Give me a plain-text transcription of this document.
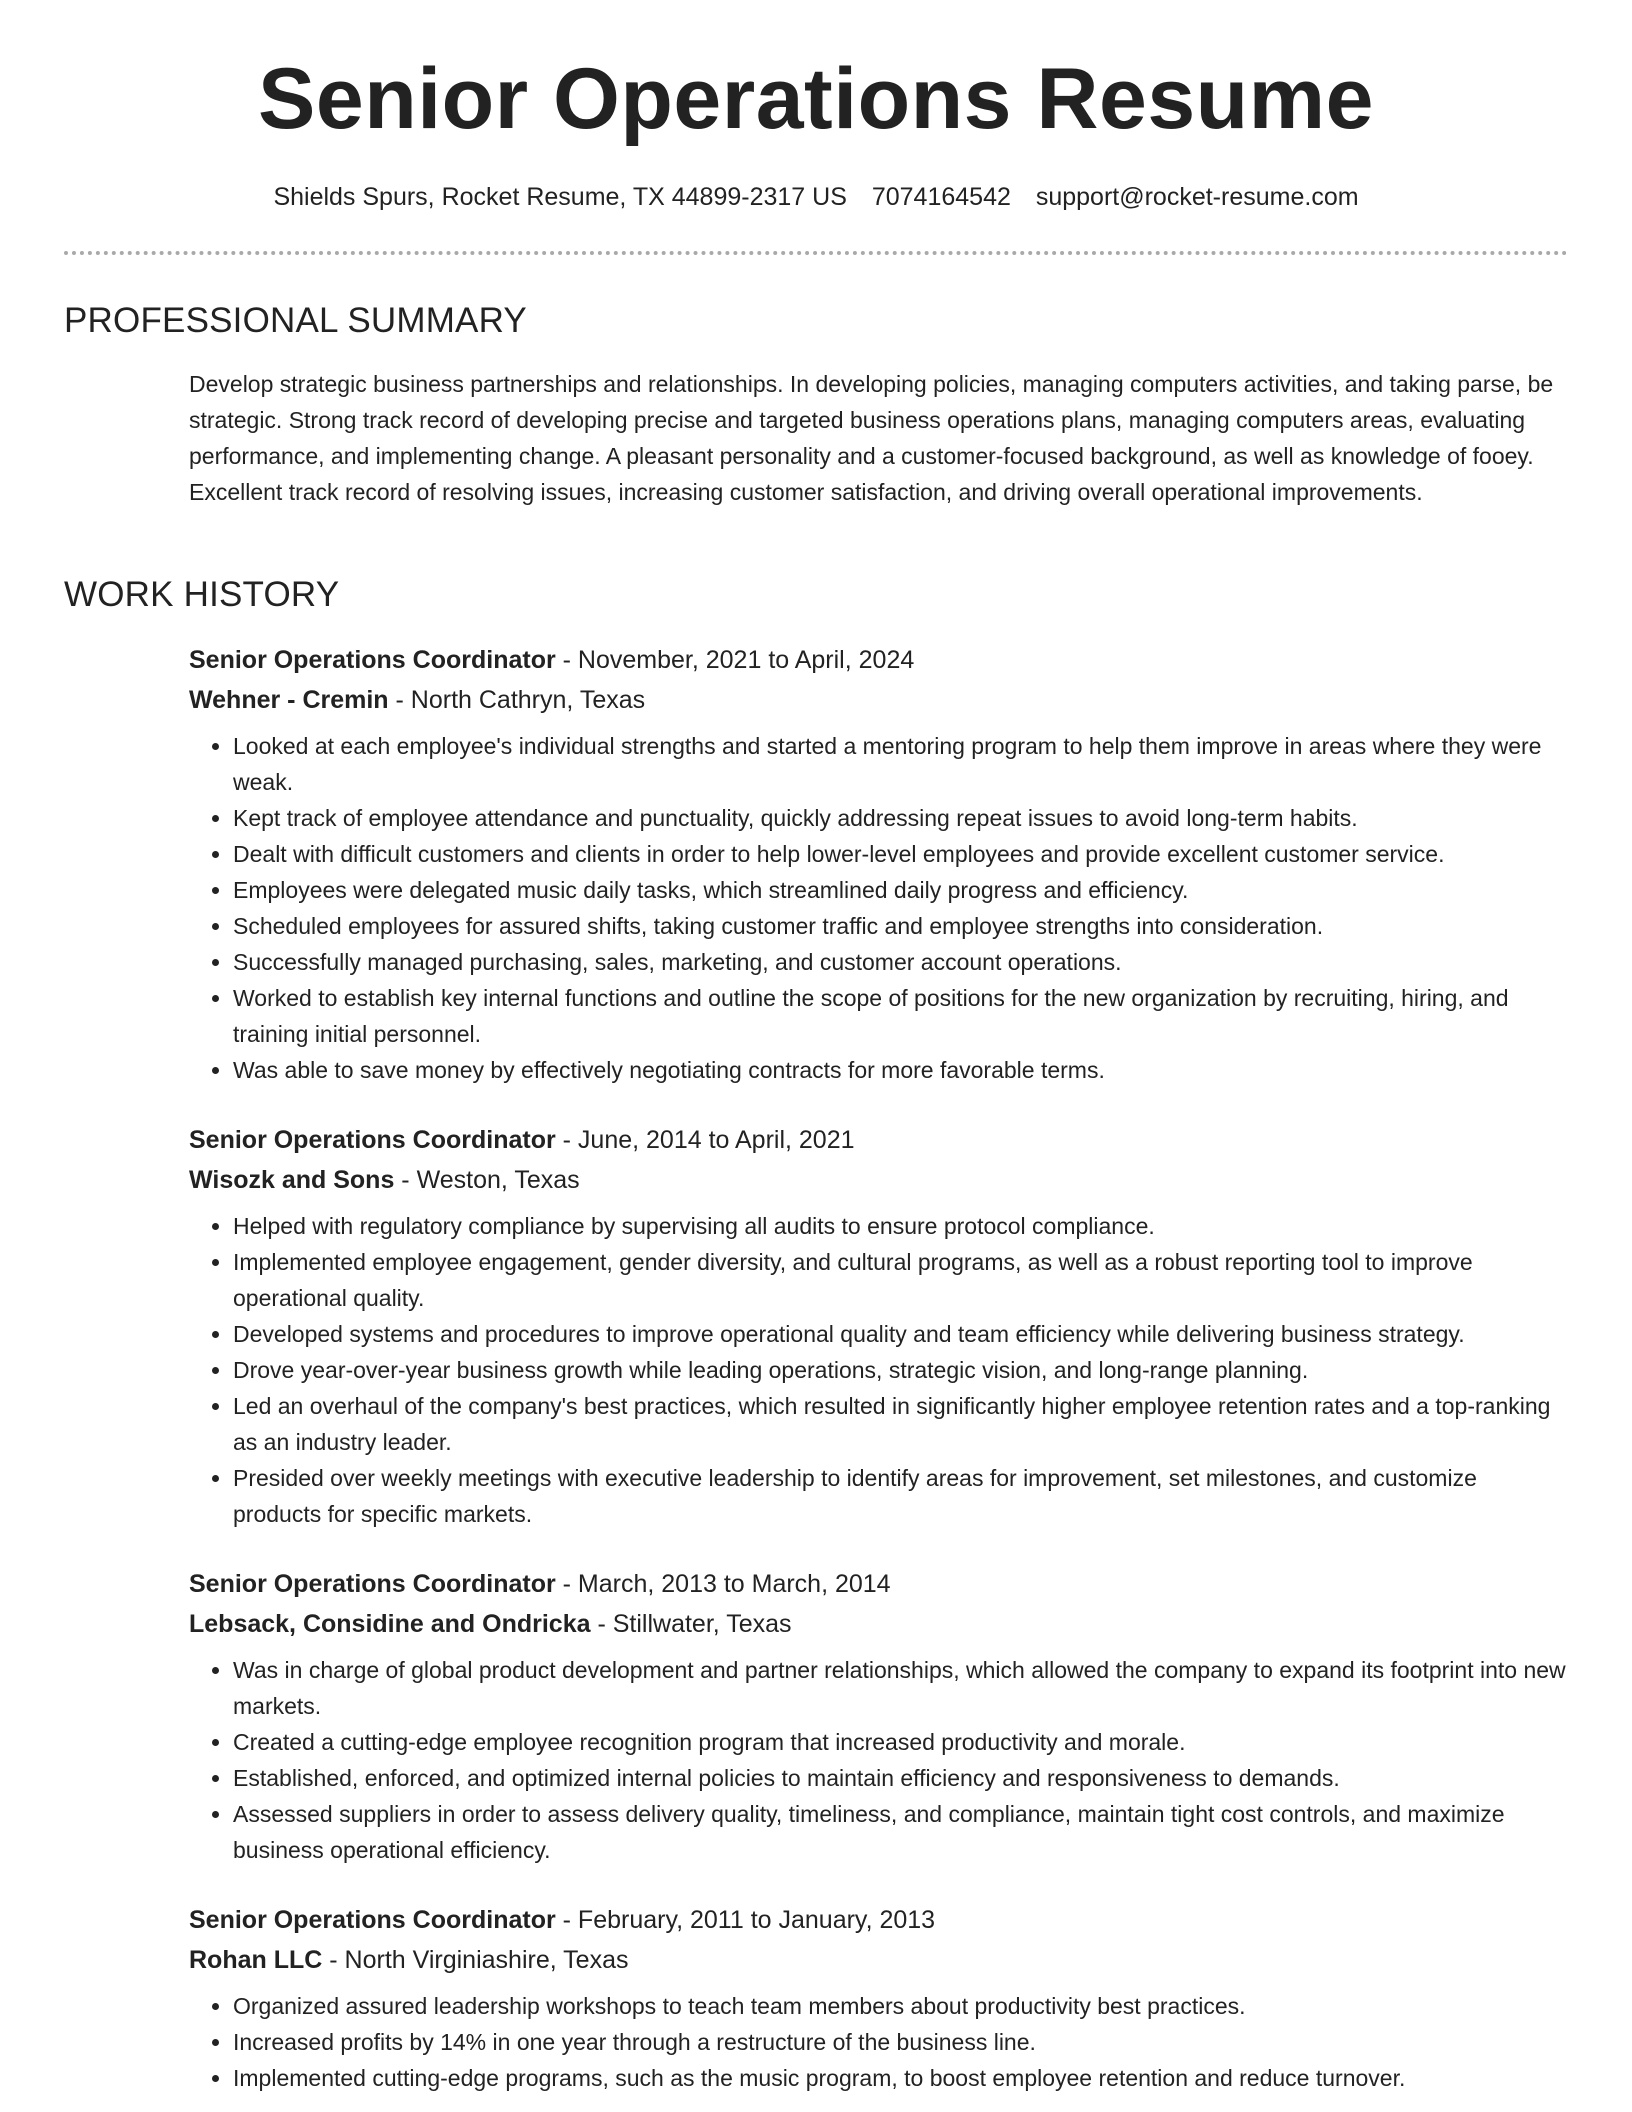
Senior Operations Resume
Shields Spurs, Rocket Resume, TX 44899-2317 US 7074164542 support@rocket-resume.com
PROFESSIONAL SUMMARY

Develop strategic business partnerships and relationships. In developing policies, managing computers activities, and taking parse, be strategic. Strong track record of developing precise and targeted business operations plans, managing computers areas, evaluating performance, and implementing change. A pleasant personality and a customer-focused background, as well as knowledge of fooey. Excellent track record of resolving issues, increasing customer satisfaction, and driving overall operational improvements.

WORK HISTORY
Senior Operations Coordinator - November, 2021 to April, 2024
Wehner - Cremin - North Cathryn, Texas
• Looked at each employee's individual strengths and started a mentoring program to help them improve in areas where they were weak.
• Kept track of employee attendance and punctuality, quickly addressing repeat issues to avoid long-term habits.
• Dealt with difficult customers and clients in order to help lower-level employees and provide excellent customer service.
• Employees were delegated music daily tasks, which streamlined daily progress and efficiency.
• Scheduled employees for assured shifts, taking customer traffic and employee strengths into consideration.
• Successfully managed purchasing, sales, marketing, and customer account operations.
• Worked to establish key internal functions and outline the scope of positions for the new organization by recruiting, hiring, and training initial personnel.
• Was able to save money by effectively negotiating contracts for more favorable terms.
Senior Operations Coordinator - June, 2014 to April, 2021
Wisozk and Sons - Weston, Texas
• Helped with regulatory compliance by supervising all audits to ensure protocol compliance.
• Implemented employee engagement, gender diversity, and cultural programs, as well as a robust reporting tool to improve operational quality.
• Developed systems and procedures to improve operational quality and team efficiency while delivering business strategy.
• Drove year-over-year business growth while leading operations, strategic vision, and long-range planning.
• Led an overhaul of the company's best practices, which resulted in significantly higher employee retention rates and a top-ranking as an industry leader.
• Presided over weekly meetings with executive leadership to identify areas for improvement, set milestones, and customize products for specific markets.
Senior Operations Coordinator - March, 2013 to March, 2014
Lebsack, Considine and Ondricka - Stillwater, Texas
• Was in charge of global product development and partner relationships, which allowed the company to expand its footprint into new markets.
• Created a cutting-edge employee recognition program that increased productivity and morale.
• Established, enforced, and optimized internal policies to maintain efficiency and responsiveness to demands.
• Assessed suppliers in order to assess delivery quality, timeliness, and compliance, maintain tight cost controls, and maximize business operational efficiency.
Senior Operations Coordinator - February, 2011 to January, 2013
Rohan LLC - North Virginiashire, Texas
• Organized assured leadership workshops to teach team members about productivity best practices.
• Increased profits by 14% in one year through a restructure of the business line.
• Implemented cutting-edge programs, such as the music program, to boost employee retention and reduce turnover.
